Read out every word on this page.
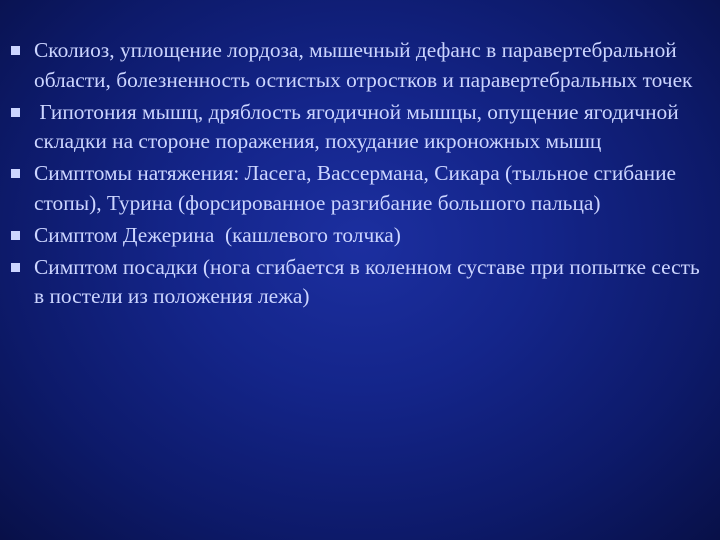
Сколиоз, уплощение лордоза, мышечный дефанс в паравертебральной области, болезненность остистых отростков и паравертебральных точек
Гипотония мышц, дряблость ягодичной мышцы, опущение ягодичной складки на стороне поражения, похудание икроножных мышц
Симптомы натяжения: Ласега, Вассермана, Сикара (тыльное сгибание стопы), Турина (форсированное разгибание большого пальца)
Симптом Дежерина  (кашлевого толчка)
Симптом посадки (нога сгибается в коленном суставе при попытке сесть в постели из положения лежа)
